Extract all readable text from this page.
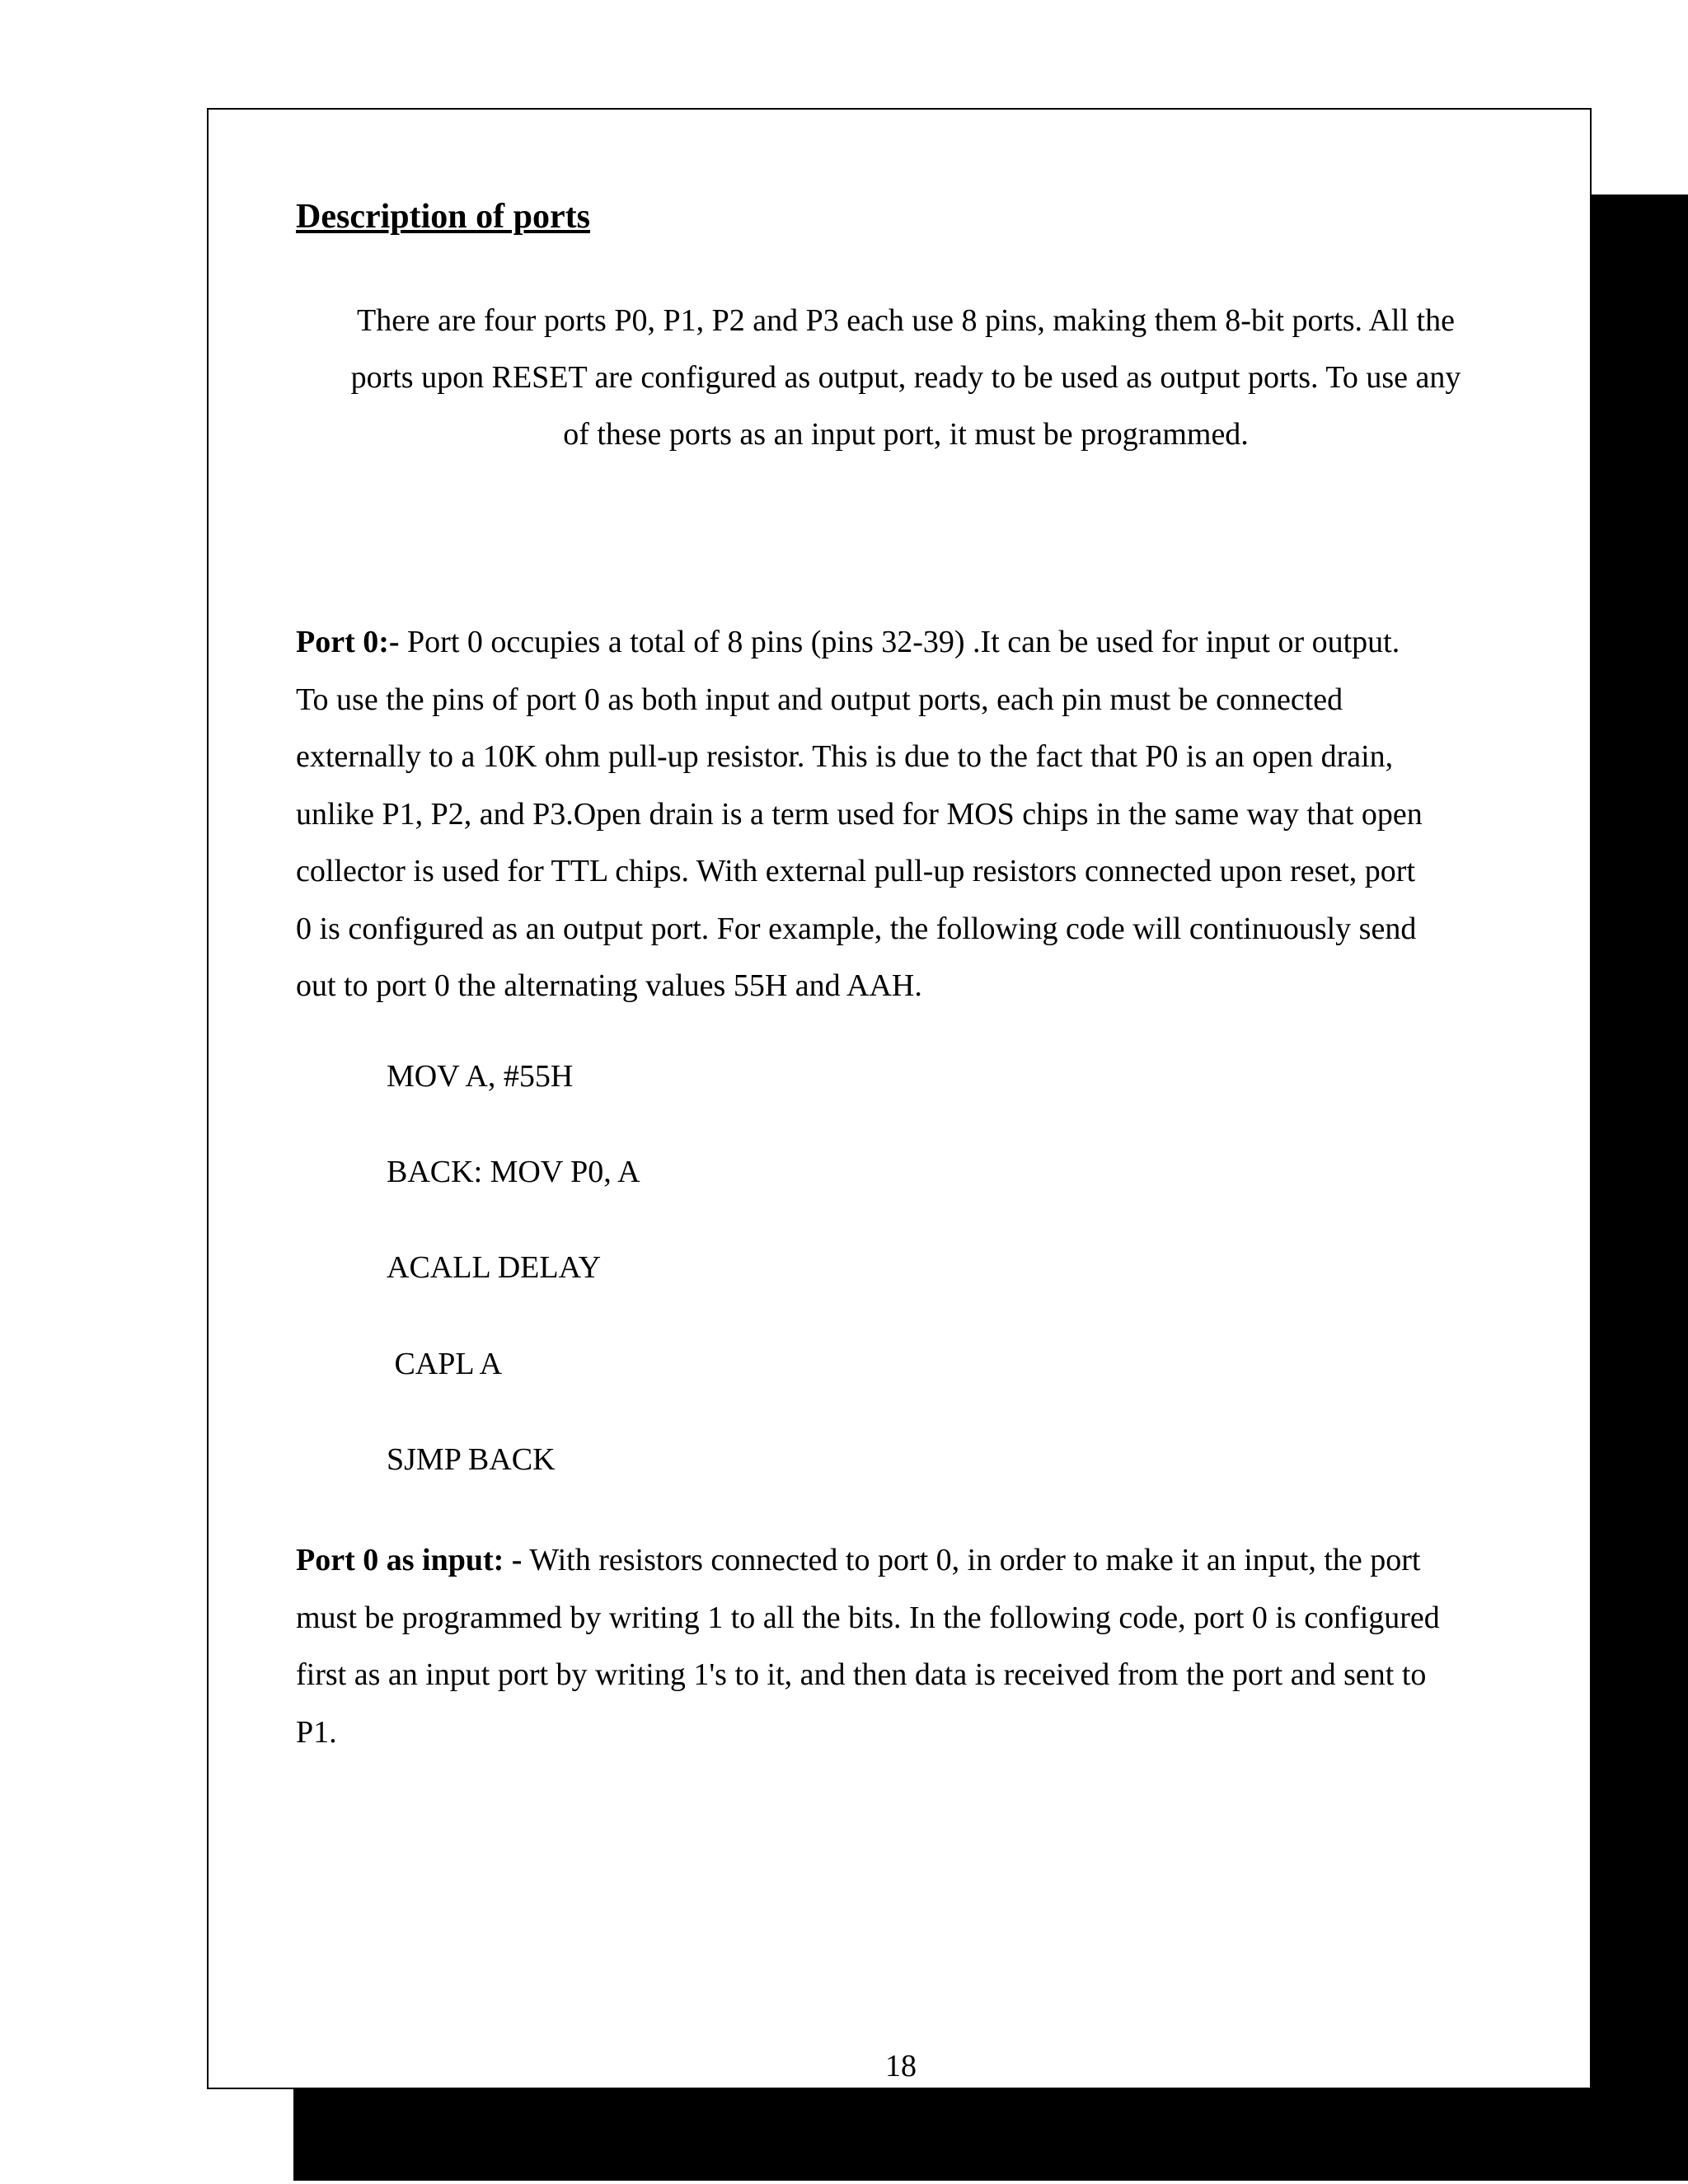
Description of ports

There are four ports P0, P1, P2 and P3 each use 8 pins, making them 8-bit ports. All the
ports upon RESET are configured as output, ready to be used as output ports. To use any
of these ports as an input port, it must be programmed.

Port 0:- Port 0 occupies a total of 8 pins (pins 32-39) .It can be used for input or output.
To use the pins of port 0 as both input and output ports, each pin must be connected
externally to a 10K ohm pull-up resistor. This is due to the fact that P0 is an open drain,
unlike P1, P2, and P3.Open drain is a term used for MOS chips in the same way that open
collector is used for TTL chips. With external pull-up resistors connected upon reset, port
0 is configured as an output port. For example, the following code will continuously send
out to port 0 the alternating values 55H and AAH.

MOV A, #55H

BACK: MOV P0, A

ACALL DELAY

CAPL A

SJMP BACK

Port 0 as input: - With resistors connected to port 0, in order to make it an input, the port
must be programmed by writing 1 to all the bits. In the following code, port 0 is configured
first as an input port by writing 1's to it, and then data is received from the port and sent to
P1.

18
